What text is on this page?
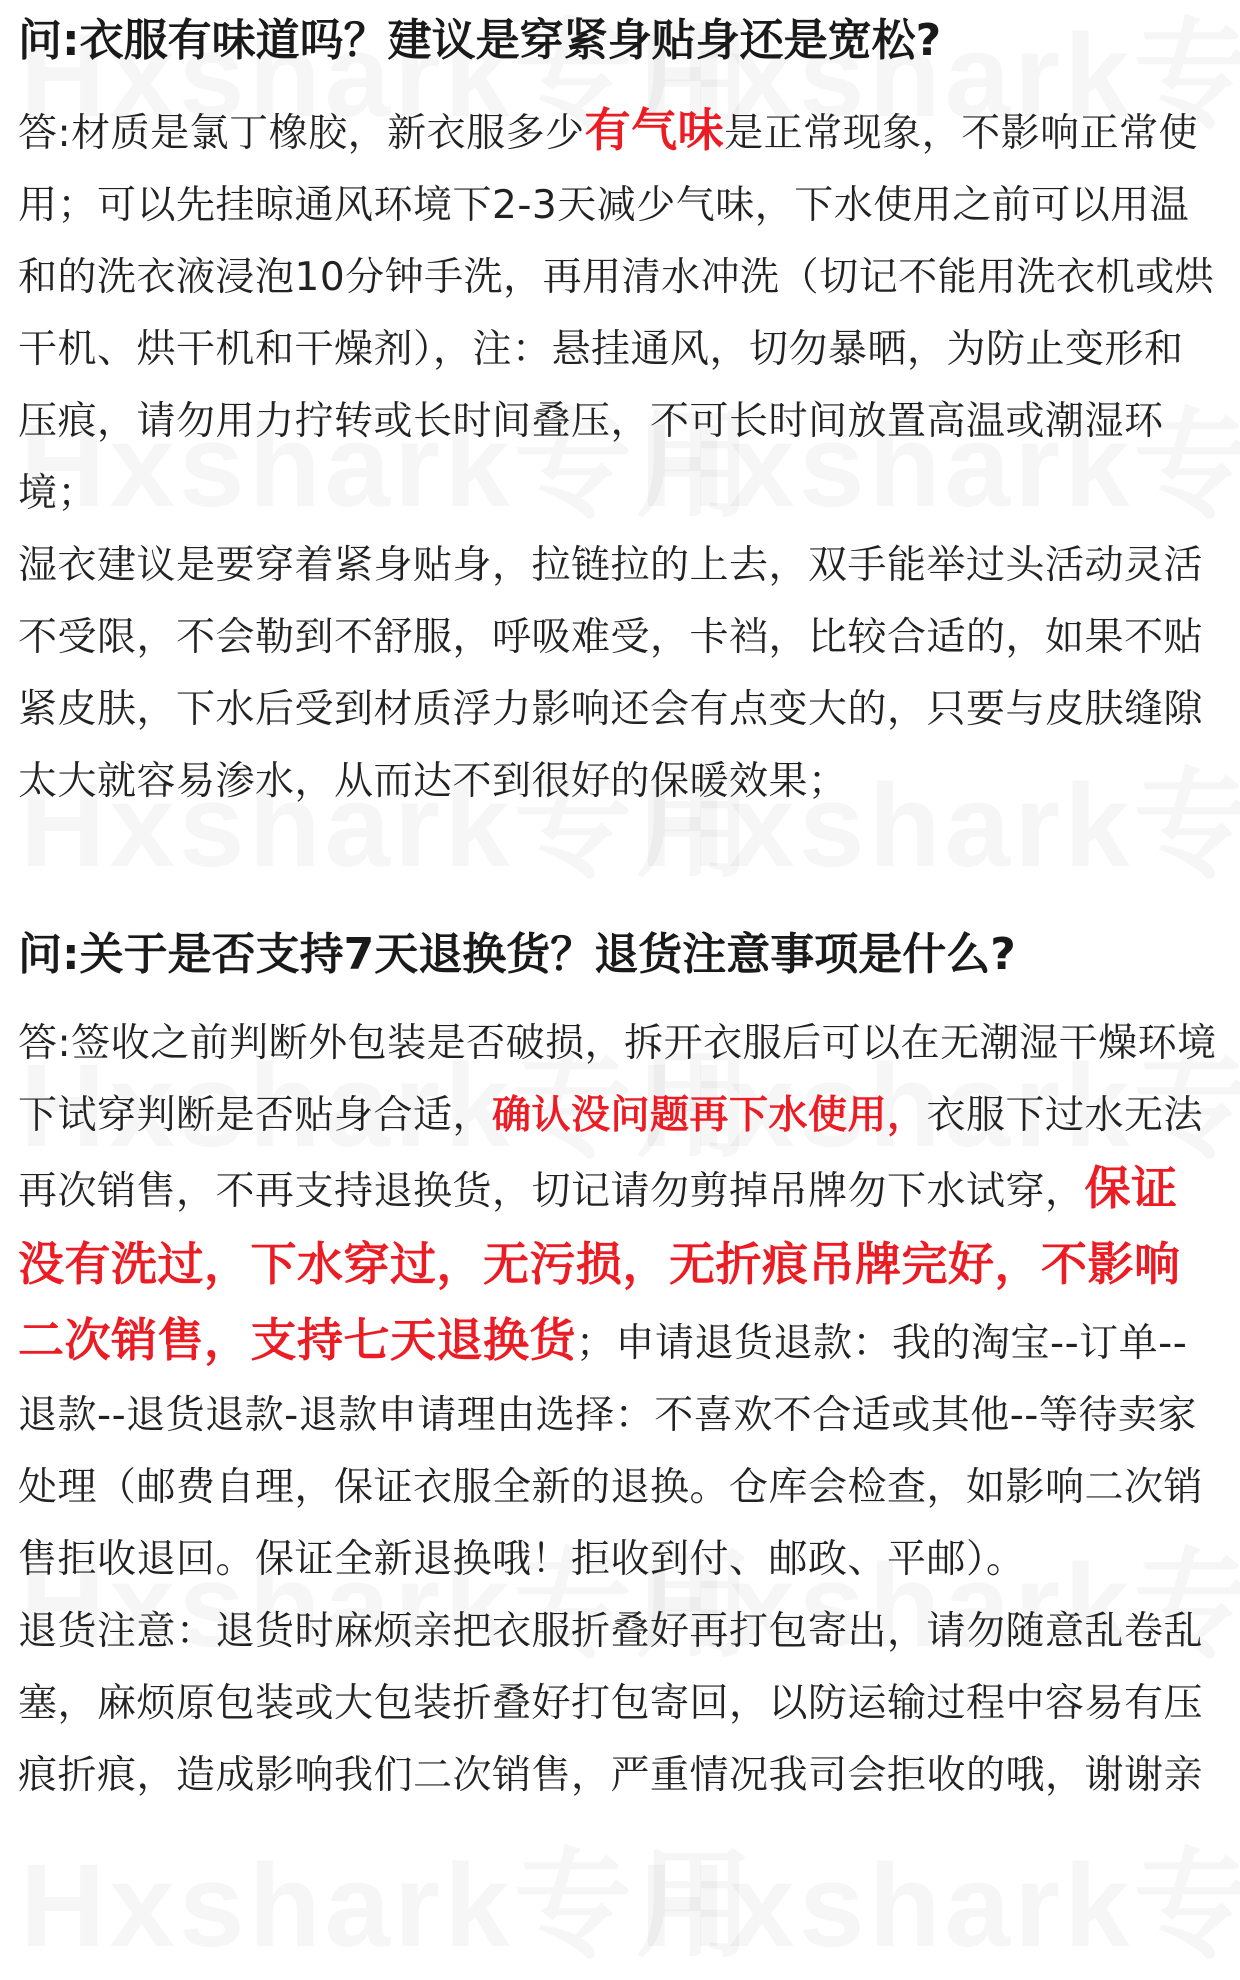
问:衣服有味道吗？建议是穿紧身贴身还是宽松?

答:材质是氯丁橡胶，新衣服多少有气味是正常现象，不影响正常使用；可以先挂晾通风环境下2-3天减少气味，下水使用之前可以用温和的洗衣液浸泡10分钟手洗，再用清水冲洗（切记不能用洗衣机或烘干机、烘干机和干燥剂），注：悬挂通风，切勿暴晒，为防止变形和压痕，请勿用力拧转或长时间叠压，不可长时间放置高温或潮湿环境；

湿衣建议是要穿着紧身贴身，拉链拉的上去，双手能举过头活动灵活不受限，不会勒到不舒服，呼吸难受，卡裆，比较合适的，如果不贴紧皮肤，下水后受到材质浮力影响还会有点变大的，只要与皮肤缝隙太大就容易渗水，从而达不到很好的保暖效果；

问:关于是否支持7天退换货？退货注意事项是什么?

答:签收之前判断外包装是否破损，拆开衣服后可以在无潮湿干燥环境下试穿判断是否贴身合适，确认没问题再下水使用，衣服下过水无法再次销售，不再支持退换货，切记请勿剪掉吊牌勿下水试穿，保证没有洗过，下水穿过，无污损，无折痕吊牌完好，不影响二次销售，支持七天退换货；申请退货退款：我的淘宝--订单--退款--退货退款-退款申请理由选择：不喜欢不合适或其他--等待卖家处理（邮费自理，保证衣服全新的退换。仓库会检查，如影响二次销售拒收退回。保证全新退换哦！拒收到付、邮政、平邮）。

退货注意：退货时麻烦亲把衣服折叠好再打包寄出，请勿随意乱卷乱塞，麻烦原包装或大包装折叠好打包寄回，以防运输过程中容易有压痕折痕，造成影响我们二次销售，严重情况我司会拒收的哦，谢谢亲
